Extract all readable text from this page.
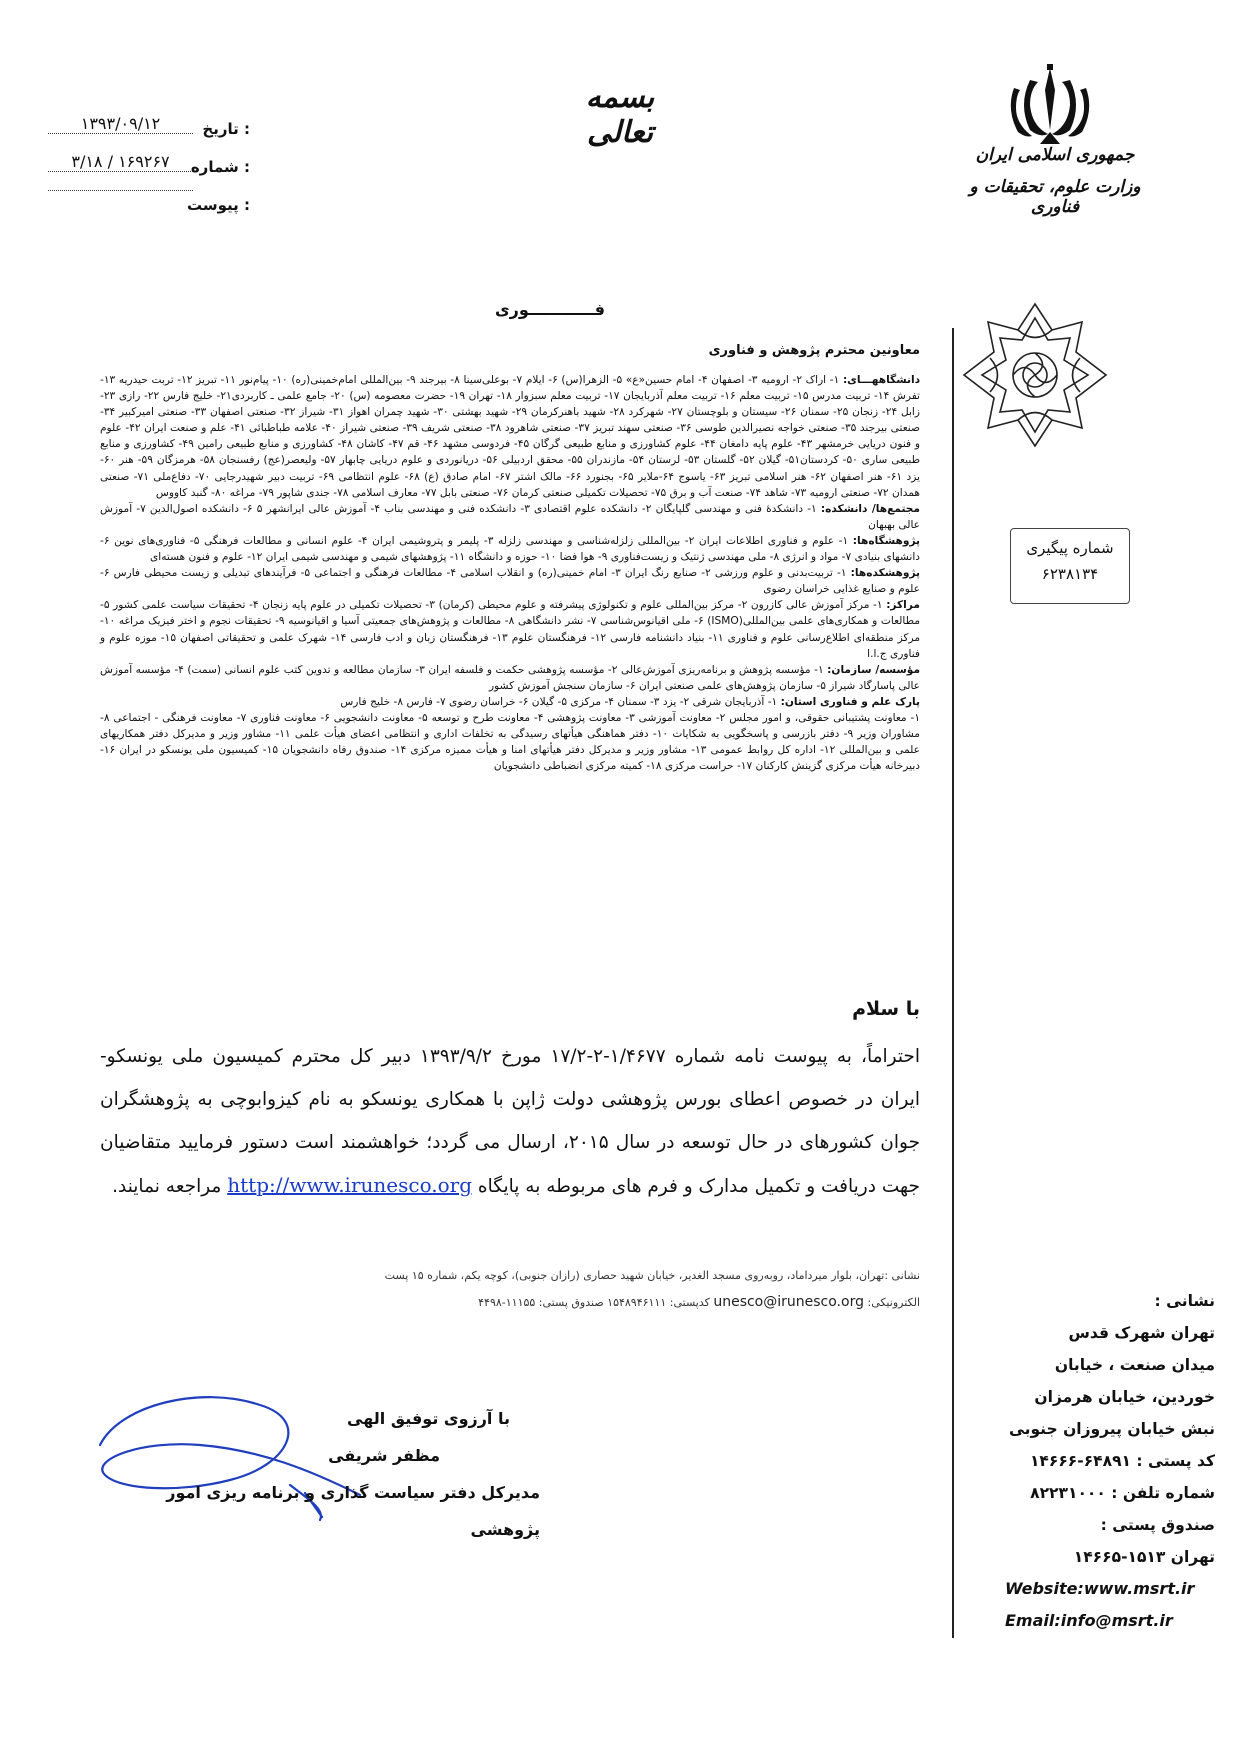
بسمه تعالی
تاریخ :
۱۳۹۳/۰۹/۱۲
شماره :
۳/۱۸ / ۱۶۹۲۶۷
پیوست :
جمهوری اسلامی ایران
وزارت علوم، تحقیقات و فناوری
شماره پیگیری
۶۲۳۸۱۳۴
فــــــــــــوری
معاونین محترم پژوهش و فناوری

دانشگاههـــای: ۱- اراک ۲- ارومیه ۳- اصفهان ۴- امام حسین«ع» ۵- الزهرا(س) ۶- ایلام ۷- بوعلی‌سینا ۸- بیرجند ۹- بین‌المللی امام‌خمینی(ره) ۱۰- پیام‌نور ۱۱- تبریز ۱۲- تربت حیدریه ۱۳- تفرش ۱۴- تربیت مدرس ۱۵- تربیت معلم ۱۶- تربیت معلم آذربایجان ۱۷- تربیت معلم سبزوار ۱۸- تهران ۱۹- حضرت معصومه (س) ۲۰- جامع علمی ـ کاربردی۲۱- خلیج فارس ۲۲- رازی ۲۳- زابل ۲۴- زنجان ۲۵- سمنان ۲۶- سیستان و بلوچستان ۲۷- شهرکرد ۲۸- شهید باهنرکرمان ۲۹- شهید بهشتی ۳۰- شهید چمران اهواز ۳۱- شیراز ۳۲- صنعتی اصفهان ۳۳- صنعتی امیرکبیر ۳۴- صنعتی بیرجند ۳۵- صنعتی خواجه نصیرالدین طوسی ۳۶- صنعتی سهند تبریز ۳۷- صنعتی شاهرود ۳۸- صنعتی شریف ۳۹- صنعتی شیراز ۴۰- علامه طباطبائی ۴۱- علم و صنعت ایران ۴۲- علوم و فنون دریایی خرمشهر ۴۳- علوم پایه دامغان ۴۴- علوم کشاورزی و منابع طبیعی گرگان ۴۵- فردوسی مشهد ۴۶- قم ۴۷- کاشان ۴۸- کشاورزی و منابع طبیعی رامین ۴۹- کشاورزی و منابع طبیعی ساری ۵۰- کردستان۵۱- گیلان ۵۲- گلستان ۵۳- لرستان ۵۴- مازندران ۵۵- محقق اردبیلی ۵۶- دریانوردی و علوم دریایی چابهار ۵۷- ولیعصر(عج) رفسنجان ۵۸- هرمزگان ۵۹- هنر ۶۰- یزد ۶۱- هنر اصفهان ۶۲- هنر اسلامی تبریز ۶۳- یاسوج ۶۴-ملایر ۶۵- بجنورد ۶۶- مالک اشتر ۶۷- امام صادق (ع) ۶۸- علوم انتظامی ۶۹- تربیت دبیر شهیدرجایی ۷۰- دفاع‌ملی ۷۱- صنعتی همدان ۷۲- صنعتی ارومیه ۷۳- شاهد ۷۴- صنعت آب و برق ۷۵- تحصیلات تکمیلی صنعتی کرمان ۷۶- صنعتی بابل ۷۷- معارف اسلامی ۷۸- جندی شاپور ۷۹- مراغه ۸۰- گنبد کاووس

مجتمع‌ها/ دانشکده: ۱- دانشکدهٔ فنی و مهندسی گلپایگان ۲- دانشکده علوم اقتصادی ۳- دانشکده فنی و مهندسی بناب ۴- آموزش عالی ایرانشهر ۵ ۶- دانشکده اصول‌الدین ۷- آموزش عالی بهبهان

پژوهشگاه‌ها: ۱- علوم و فناوری اطلاعات ایران ۲- بین‌المللی زلزله‌شناسی و مهندسی زلزله ۳- پلیمر و پتروشیمی ایران ۴- علوم انسانی و مطالعات فرهنگی ۵- فناوری‌های نوین ۶- دانشهای بنیادی ۷- مواد و انرژی ۸- ملی مهندسی ژنتیک و زیست‌فناوری ۹- هوا فضا ۱۰- حوزه و دانشگاه ۱۱- پژوهشهای شیمی و مهندسی شیمی ایران ۱۲- علوم و فنون هسته‌ای

پژوهشکده‌ها: ۱- تربیت‌بدنی و علوم ورزشی ۲- صنایع رنگ ایران ۳- امام خمینی(ره) و انقلاب اسلامی ۴- مطالعات فرهنگی و اجتماعی ۵- فرآیندهای تبدیلی و زیست محیطی فارس ۶- علوم و صنایع غذایی خراسان رضوی

مراکز: ۱- مرکز آموزش عالی کازرون ۲- مرکز بین‌المللی علوم و تکنولوژی پیشرفته و علوم محیطی (کرمان) ۳- تحصیلات تکمیلی در علوم پایه زنجان ۴- تحقیقات سیاست علمی کشور ۵- مطالعات و همکاری‌های علمی بین‌المللی(ISMO) ۶- ملی اقیانوس‌شناسی ۷- نشر دانشگاهی ۸- مطالعات و پژوهش‌های جمعیتی آسیا و اقیانوسیه ۹- تحقیقات نجوم و اختر فیزیک مراغه ۱۰- مرکز منطقه‌ای اطلاع‌رسانی علوم و فناوری ۱۱- بنیاد دانشنامه فارسی ۱۲- فرهنگستان علوم ۱۳- فرهنگستان زبان و ادب فارسی ۱۴- شهرک علمی و تحقیقاتی اصفهان ۱۵- موزه علوم و فناوری ج.ا.ا

مؤسسه/ سازمان: ۱- مؤسسه پژوهش و برنامه‌ریزی آموزش‌عالی ۲- مؤسسه پژوهشی حکمت و فلسفه ایران ۳- سازمان مطالعه و تدوین کتب علوم انسانی (سمت) ۴- مؤسسه آموزش عالی پاسارگاد شیراز ۵- سازمان پژوهش‌های علمی صنعتی ایران ۶- سازمان سنجش آموزش کشور

پارک علم و فناوری استان: ۱- آذربایجان شرقی ۲- یزد ۳- سمنان ۴- مرکزی ۵- گیلان ۶- خراسان رضوی ۷- فارس ۸- خلیج فارس

۱- معاونت پشتیبانی حقوقی، و امور مجلس ۲- معاونت آموزشی ۳- معاونت پژوهشی ۴- معاونت طرح و توسعه ۵- معاونت دانشجویی ۶- معاونت فناوری ۷- معاونت فرهنگی - اجتماعی ۸- مشاوران وزیر ۹- دفتر بازرسی و پاسخگویی به شکایات ۱۰- دفتر هماهنگی هیأتهای رسیدگی به تخلفات اداری و انتظامی اعضای هیأت علمی ۱۱- مشاور وزیر و مدیرکل دفتر همکاریهای علمی و بین‌المللی ۱۲- اداره کل روابط عمومی ۱۳- مشاور وزیر و مدیرکل دفتر هیأتهای امنا و هیأت ممیزه مرکزی ۱۴- صندوق رفاه دانشجویان ۱۵- کمیسیون ملی یونسکو در ایران ۱۶- دبیرخانه هیأت مرکزی گزینش کارکنان ۱۷- حراست مرکزی ۱۸- کمیته مرکزی انضباطی دانشجویان

با سلام
احتراماً، به پیوست نامه شماره ۱/۴۶۷۷-۲-۱۷/۲ مورخ ۱۳۹۳/۹/۲ دبیر کل محترم کمیسیون ملی یونسکو- ایران در خصوص اعطای بورس پژوهشی دولت ژاپن با همکاری یونسکو به نام کیزوابوچی به پژوهشگران جوان کشورهای در حال توسعه در سال ۲۰۱۵، ارسال می گردد؛ خواهشمند است دستور فرمایید متقاضیان جهت دریافت و تکمیل مدارک و فرم های مربوطه به پایگاه http://www.irunesco.org مراجعه نمایند.
نشانی :تهران، بلوار میرداماد، روبه‌روی مسجد الغدیر، خیابان شهید حصاری (رازان جنوبی)، کوچه یکم، شماره ۱۵ پست
الکترونیکی: unesco@irunesco.org کدپستی: ۱۵۴۸۹۴۶۱۱۱ صندوق پستی: ۱۱۱۵۵-۴۴۹۸
با آرزوی توفیق الهی
مظفر شریفی
مدیرکل دفتر سیاست گذاری و برنامه ریزی امور پژوهشی
نشانی :
تهران شهرک قدس
میدان صنعت ، خیابان
خوردین، خیابان هرمزان
نبش خیابان پیروزان جنوبی
کد پستی : ۶۴۸۹۱-۱۴۶۶۶
شماره تلفن : ۸۲۲۳۱۰۰۰
صندوق پستی :
تهران ۱۵۱۳-۱۴۶۶۵
Website:www.msrt.ir
Email:info@msrt.ir
